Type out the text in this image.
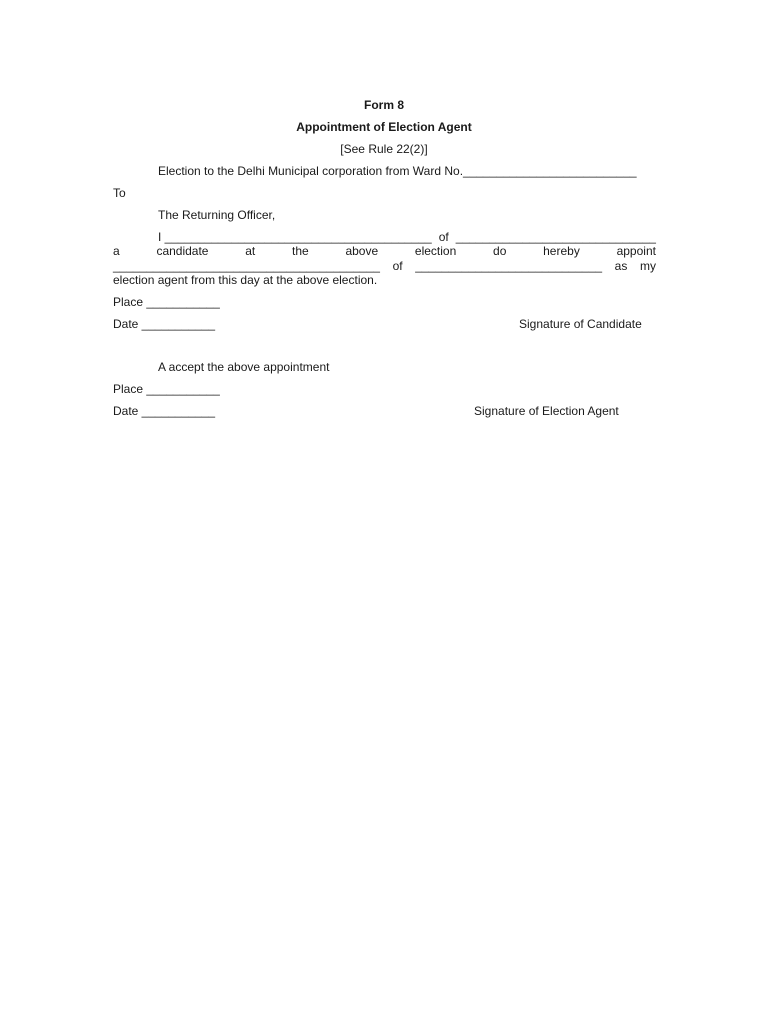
Form 8
Appointment of Election Agent
[See Rule 22(2)]
Election to the Delhi Municipal corporation from Ward No.__________________________
To
The Returning Officer,
I ________________________________________ of ______________________________
a	candidate	at	the	above	election	do	hereby	appoint
________________________________________ of ____________________________ as my
election agent from this day at the above election.
Place ___________
Date ___________	Signature of Candidate
A accept the above appointment
Place ___________
Date ___________	Signature of Election Agent
